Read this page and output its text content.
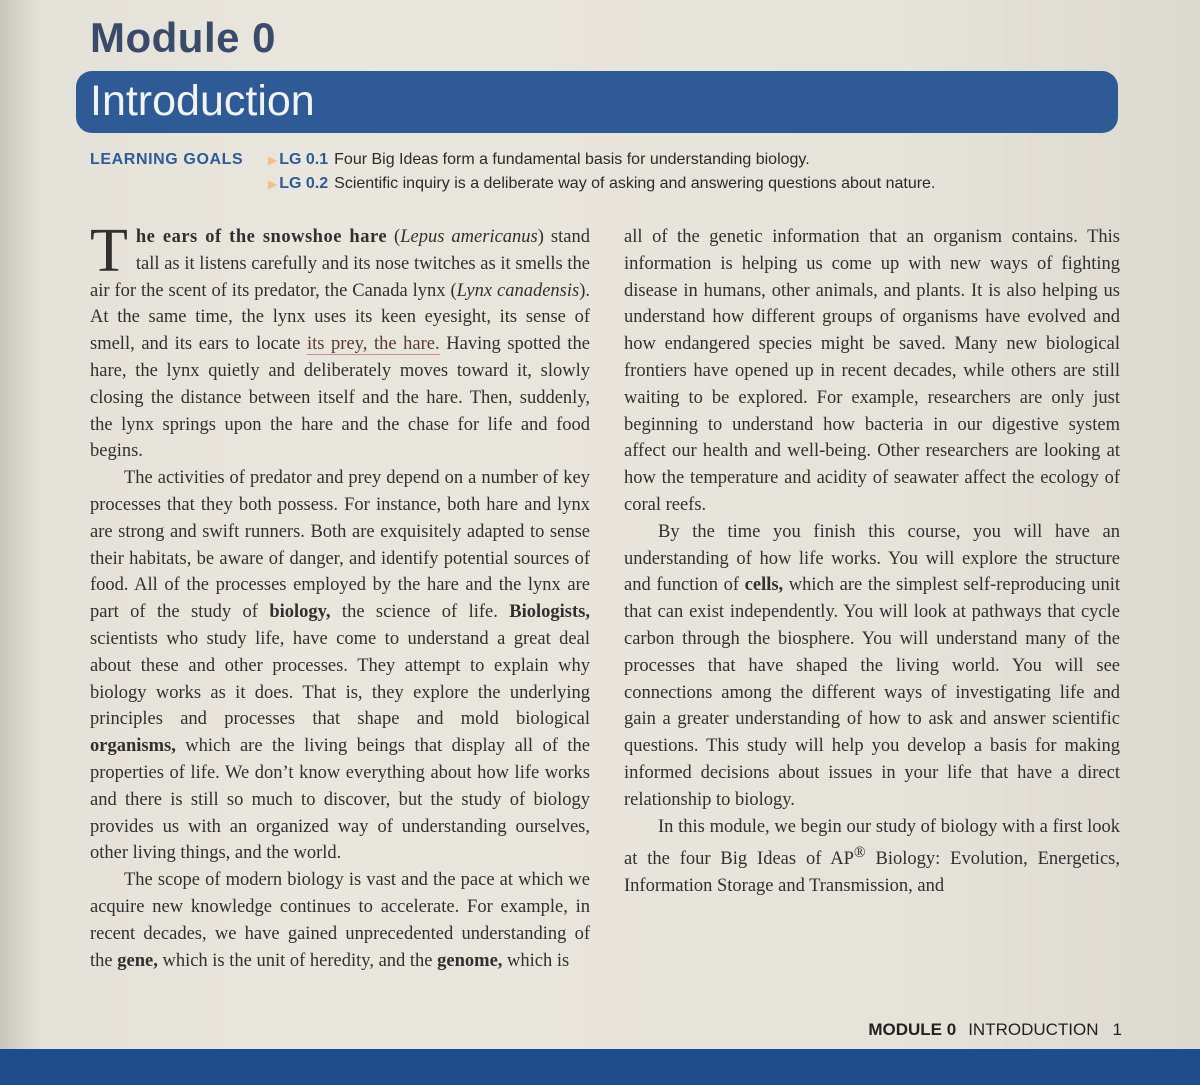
Module 0
Introduction
LEARNING GOALS ▶ LG 0.1 Four Big Ideas form a fundamental basis for understanding biology.
▶ LG 0.2 Scientific inquiry is a deliberate way of asking and answering questions about nature.

The ears of the snowshoe hare (Lepus americanus) stand tall as it listens carefully and its nose twitches as it smells the air for the scent of its predator, the Canada lynx (Lynx canadensis). At the same time, the lynx uses its keen eyesight, its sense of smell, and its ears to locate its prey, the hare. Having spotted the hare, the lynx quietly and deliberately moves toward it, slowly closing the distance between itself and the hare. Then, suddenly, the lynx springs upon the hare and the chase for life and food begins.

The activities of predator and prey depend on a number of key processes that they both possess. For instance, both hare and lynx are strong and swift runners. Both are exquisitely adapted to sense their habitats, be aware of danger, and identify potential sources of food. All of the processes employed by the hare and the lynx are part of the study of biology, the science of life. Biologists, scientists who study life, have come to understand a great deal about these and other processes. They attempt to explain why biology works as it does. That is, they explore the underlying principles and processes that shape and mold biological organisms, which are the living beings that display all of the properties of life. We don’t know everything about how life works and there is still so much to discover, but the study of biology provides us with an organized way of understanding ourselves, other living things, and the world.

The scope of modern biology is vast and the pace at which we acquire new knowledge continues to accelerate. For example, in recent decades, we have gained unprecedented understanding of the gene, which is the unit of heredity, and the genome, which is

all of the genetic information that an organism contains. This information is helping us come up with new ways of fighting disease in humans, other animals, and plants. It is also helping us understand how different groups of organisms have evolved and how endangered species might be saved. Many new biological frontiers have opened up in recent decades, while others are still waiting to be explored. For example, researchers are only just beginning to understand how bacteria in our digestive system affect our health and well-being. Other researchers are looking at how the temperature and acidity of seawater affect the ecology of coral reefs.

By the time you finish this course, you will have an understanding of how life works. You will explore the structure and function of cells, which are the simplest self-reproducing unit that can exist independently. You will look at pathways that cycle carbon through the biosphere. You will understand many of the processes that have shaped the living world. You will see connections among the different ways of investigating life and gain a greater understanding of how to ask and answer scientific questions. This study will help you develop a basis for making informed decisions about issues in your life that have a direct relationship to biology.

In this module, we begin our study of biology with a first look at the four Big Ideas of AP® Biology: Evolution, Energetics, Information Storage and Transmission, and

MODULE 0 INTRODUCTION 1
